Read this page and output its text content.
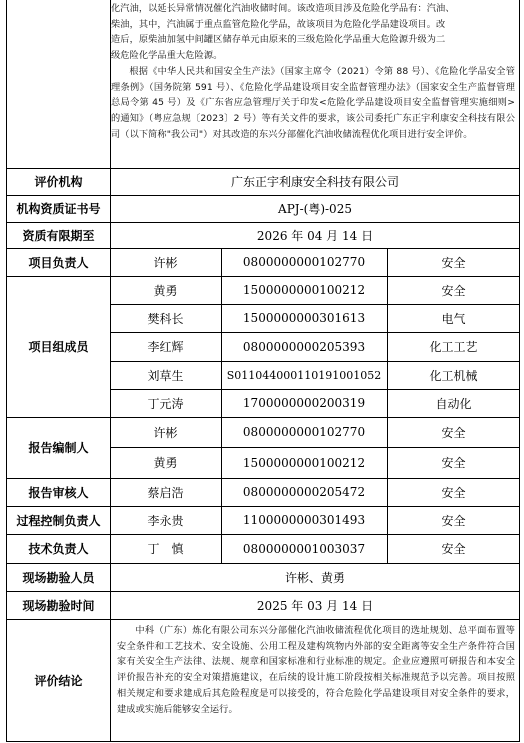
化汽油，以延长异常情况催化汽油收储时间。该改造项目涉及危险化学品有：汽油、

柴油，其中，汽油属于重点监管危险化学品，故该项目为危险化学品建设项目。改

造后，原柴油加氢中间罐区储存单元由原来的三级危险化学品重大危险源升级为二

级危险化学品重大危险源。

根据《中华人民共和国安全生产法》（国家主席令（2021）令第 88 号）、《危险化学品安全管理条例》（国务院第 591 号）、《危险化学品建设项目安全监督管理办法》（国家安全生产监督管理总局令第 45 号）及《广东省应急管理厅关于印发<危险化学品建设项目安全监督管理实施细则>的通知》（粤应急规〔2023〕2 号）等有关文件的要求，该公司委托广东正宇利康安全科技有限公司（以下简称"我公司"）对其改造的东兴分部催化汽油收储流程优化项目进行安全评价。

评价机构	广东正宇利康安全科技有限公司
机构资质证书号	APJ-(粤)-025
资质有限期至	2026 年 04 月 14 日
项目负责人	许彬	0800000000102770	安全
项目组成员
黄勇	1500000000100212	安全
樊科长	1500000000301613	电气
李红辉	0800000000205393	化工工艺
刘草生	S011044000110191001052	化工机械
丁元涛	1700000000200319	自动化
报告编制人
许彬	0800000000102770	安全
黄勇	1500000000100212	安全
报告审核人	蔡启浩	0800000000205472	安全
过程控制负责人	李永贵	1100000000301493	安全
技术负责人	丁　慎	0800000001003037	安全
现场勘验人员	许彬、黄勇
现场勘验时间	2025 年 03 月 14 日
评价结论

中科（广东）炼化有限公司东兴分部催化汽油收储流程优化项目的选址规划、总平面布置等安全条件和工艺技术、安全设施、公用工程及建构筑物内外部的安全距离等安全生产条件符合国家有关安全生产法律、法规、规章和国家标准和行业标准的规定。企业应遵照可研报告和本安全评价报告补充的安全对策措施建议，在后续的设计施工阶段按相关标准规范予以完善。项目按照相关规定和要求建成后其危险程度是可以接受的，符合危险化学品建设项目对安全条件的要求，建成或实施后能够安全运行。
